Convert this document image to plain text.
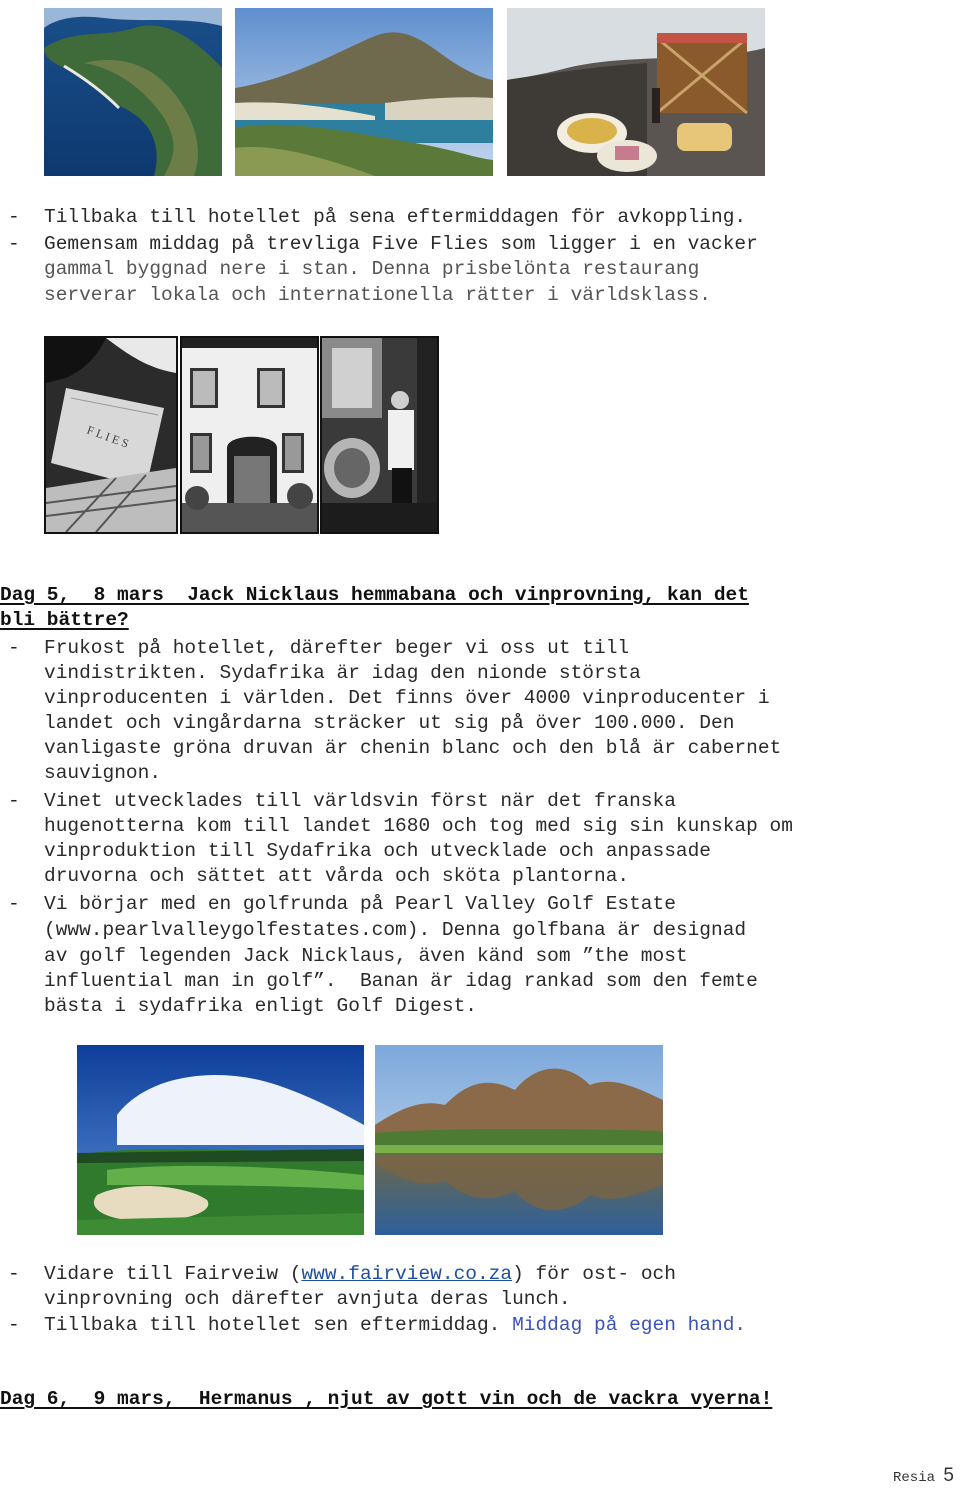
- Tillbaka till hotellet på sena eftermiddagen för avkoppling.
- Gemensam middag på trevliga Five Flies som ligger i en vacker
gammal byggnad nere i stan. Denna prisbelönta restaurang
serverar lokala och internationella rätter i världsklass.
F L I E S
Dag 5,  8 mars  Jack Nicklaus hemmabana och vinprovning, kan det
bli bättre?
- Frukost på hotellet, därefter beger vi oss ut till
vindistrikten. Sydafrika är idag den nionde största
vinproducenten i världen. Det finns över 4000 vinproducenter i
landet och vingårdarna sträcker ut sig på över 100.000. Den
vanligaste gröna druvan är chenin blanc och den blå är cabernet
sauvignon.
- Vinet utvecklades till världsvin först när det franska
hugenotterna kom till landet 1680 och tog med sig sin kunskap om
vinproduktion till Sydafrika och utvecklade och anpassade
druvorna och sättet att vårda och sköta plantorna.
- Vi börjar med en golfrunda på Pearl Valley Golf Estate
(www.pearlvalleygolfestates.com). Denna golfbana är designad
av golf legenden Jack Nicklaus, även känd som ”the most
influential man in golf”.  Banan är idag rankad som den femte
bästa i sydafrika enligt Golf Digest.
- Vidare till Fairveiw (www.fairview.co.za) för ost- och
vinprovning och därefter avnjuta deras lunch.
- Tillbaka till hotellet sen eftermiddag. Middag på egen hand.
Dag 6,  9 mars,  Hermanus , njut av gott vin och de vackra vyerna!
Resia 5
